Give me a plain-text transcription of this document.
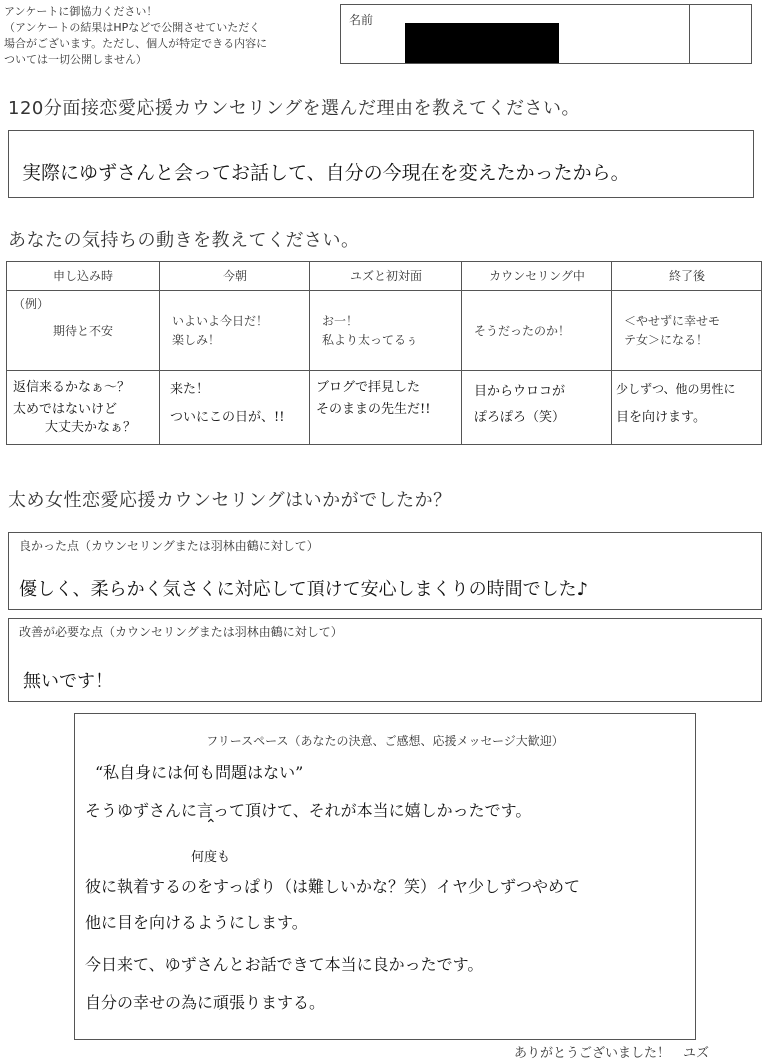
アンケートに御協力ください！
（アンケートの結果はHPなどで公開させていただく
場合がございます。ただし、個人が特定できる内容に
ついては一切公開しません）
名前
120分面接恋愛応援カウンセリングを選んだ理由を教えてください。
実際にゆずさんと会ってお話して、自分の今現在を変えたかったから。
あなたの気持ちの動きを教えてください。
申し込み時
（例）
期待と不安
返信来るかなぁ～？
太めではないけど
大丈夫かなぁ？
今朝
いよいよ今日だ！
楽しみ！
来た！
ついにこの日が、!!
ユズと初対面
お一！
私より太ってるぅ
ブログで拝見した
そのままの先生だ!!
カウンセリング中
そうだったのか！
目からウロコが
ぽろぽろ（笑）
終了後
＜やせずに幸せモ
テ女＞になる！
少しずつ、他の男性に
目を向けます。
太め女性恋愛応援カウンセリングはいかがでしたか？
良かった点（カウンセリングまたは羽林由鶴に対して）
優しく、柔らかく気さくに対応して頂けて安心しまくりの時間でした♪
改善が必要な点（カウンセリングまたは羽林由鶴に対して）
無いです！
フリースペース（あなたの決意、ご感想、応援メッセージ大歓迎）
“私自身には何も問題はない”
そうゆずさんに言って頂けて、それが本当に嬉しかったです。
⌃
何度も
彼に執着するのをすっぱり（は難しいかな？笑）イヤ少しずつやめて
他に目を向けるようにします。
今日来て、ゆずさんとお話できて本当に良かったです。
自分の幸せの為に頑張りまする。
ありがとうございました！　ユズ
